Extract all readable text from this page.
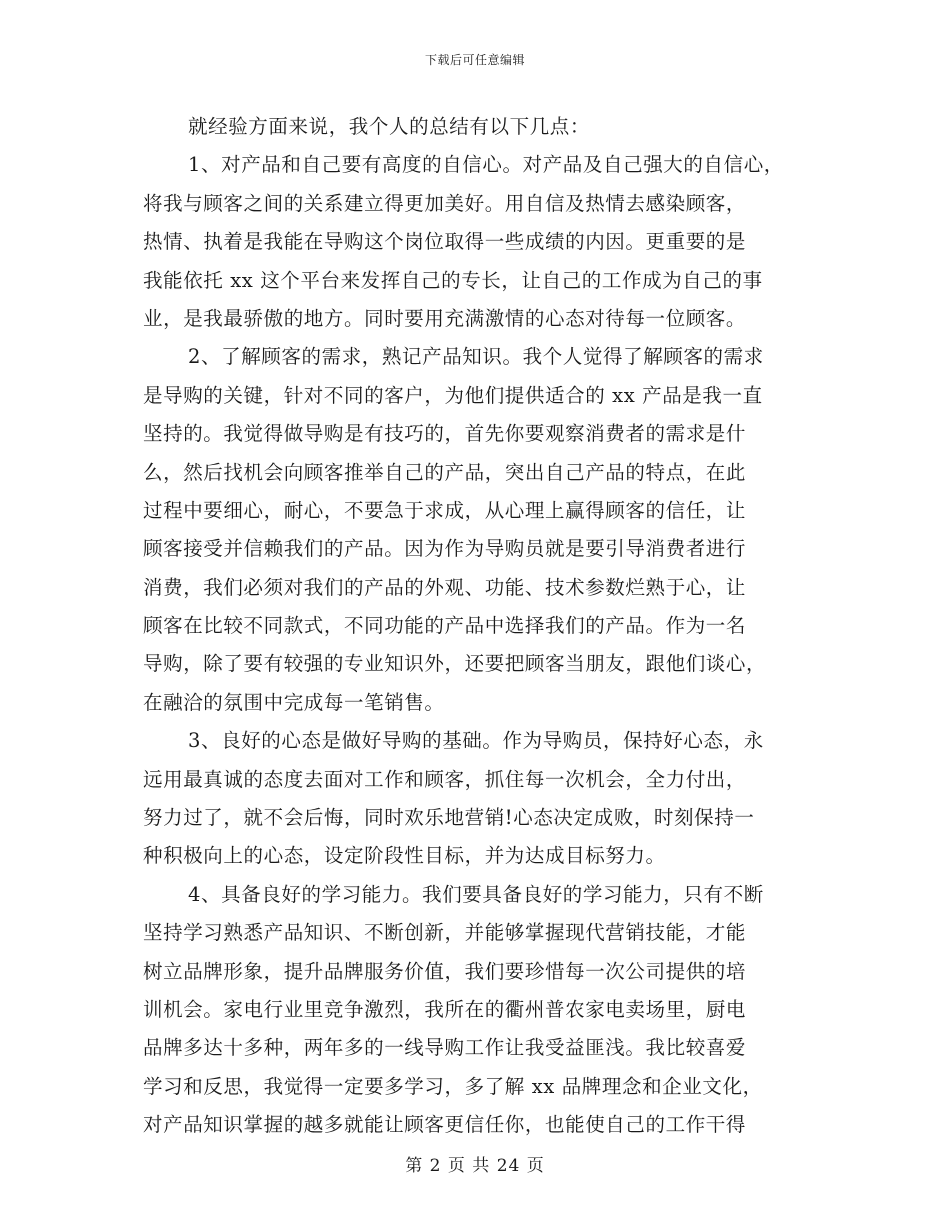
下载后可任意编辑
就经验方面来说，我个人的总结有以下几点：
1、对产品和自己要有高度的自信心。对产品及自己强大的自信心，
将我与顾客之间的关系建立得更加美好。用自信及热情去感染顾客，
热情、执着是我能在导购这个岗位取得一些成绩的内因。更重要的是
我能依托 xx 这个平台来发挥自己的专长，让自己的工作成为自己的事
业，是我最骄傲的地方。同时要用充满激情的心态对待每一位顾客。
2、了解顾客的需求，熟记产品知识。我个人觉得了解顾客的需求
是导购的关键，针对不同的客户，为他们提供适合的 xx 产品是我一直
坚持的。我觉得做导购是有技巧的，首先你要观察消费者的需求是什
么，然后找机会向顾客推举自己的产品，突出自己产品的特点，在此
过程中要细心，耐心，不要急于求成，从心理上赢得顾客的信任，让
顾客接受并信赖我们的产品。因为作为导购员就是要引导消费者进行
消费，我们必须对我们的产品的外观、功能、技术参数烂熟于心，让
顾客在比较不同款式，不同功能的产品中选择我们的产品。作为一名
导购，除了要有较强的专业知识外，还要把顾客当朋友，跟他们谈心，
在融洽的氛围中完成每一笔销售。
3、良好的心态是做好导购的基础。作为导购员，保持好心态，永
远用最真诚的态度去面对工作和顾客，抓住每一次机会，全力付出，
努力过了，就不会后悔，同时欢乐地营销!心态决定成败，时刻保持一
种积极向上的心态，设定阶段性目标，并为达成目标努力。
4、具备良好的学习能力。我们要具备良好的学习能力，只有不断
坚持学习熟悉产品知识、不断创新，并能够掌握现代营销技能，才能
树立品牌形象，提升品牌服务价值，我们要珍惜每一次公司提供的培
训机会。家电行业里竞争激烈，我所在的衢州普农家电卖场里，厨电
品牌多达十多种，两年多的一线导购工作让我受益匪浅。我比较喜爱
学习和反思，我觉得一定要多学习，多了解 xx 品牌理念和企业文化，
对产品知识掌握的越多就能让顾客更信任你，也能使自己的工作干得
第 2 页 共 24 页
